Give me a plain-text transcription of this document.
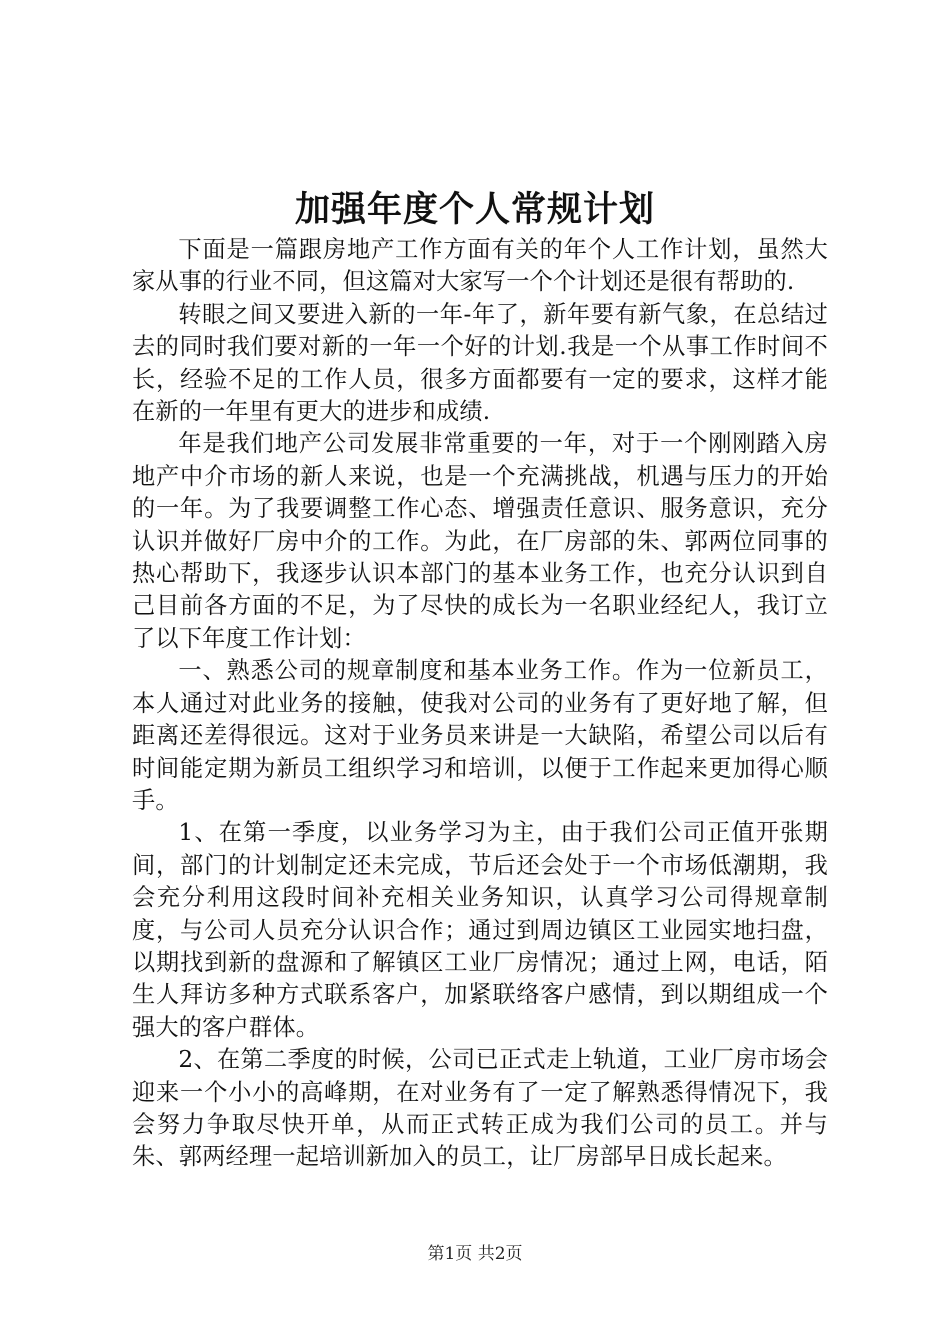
加强年度个人常规计划

下面是一篇跟房地产工作方面有关的年个人工作计划，虽然大家从事的行业不同，但这篇对大家写一个个计划还是很有帮助的.

转眼之间又要进入新的一年-年了，新年要有新气象，在总结过去的同时我们要对新的一年一个好的计划.我是一个从事工作时间不长，经验不足的工作人员，很多方面都要有一定的要求，这样才能在新的一年里有更大的进步和成绩.

年是我们地产公司发展非常重要的一年，对于一个刚刚踏入房地产中介市场的新人来说，也是一个充满挑战，机遇与压力的开始的一年。为了我要调整工作心态、增强责任意识、服务意识，充分认识并做好厂房中介的工作。为此，在厂房部的朱、郭两位同事的热心帮助下，我逐步认识本部门的基本业务工作，也充分认识到自己目前各方面的不足，为了尽快的成长为一名职业经纪人，我订立了以下年度工作计划：

一、熟悉公司的规章制度和基本业务工作。作为一位新员工，本人通过对此业务的接触，使我对公司的业务有了更好地了解，但距离还差得很远。这对于业务员来讲是一大缺陷，希望公司以后有时间能定期为新员工组织学习和培训，以便于工作起来更加得心顺手。

1、在第一季度，以业务学习为主，由于我们公司正值开张期间，部门的计划制定还未完成，节后还会处于一个市场低潮期，我会充分利用这段时间补充相关业务知识，认真学习公司得规章制度，与公司人员充分认识合作；通过到周边镇区工业园实地扫盘，以期找到新的盘源和了解镇区工业厂房情况；通过上网，电话，陌生人拜访多种方式联系客户，加紧联络客户感情，到以期组成一个强大的客户群体。

2、在第二季度的时候，公司已正式走上轨道，工业厂房市场会迎来一个小小的高峰期，在对业务有了一定了解熟悉得情况下，我会努力争取尽快开单，从而正式转正成为我们公司的员工。并与朱、郭两经理一起培训新加入的员工，让厂房部早日成长起来。

第1页 共2页
